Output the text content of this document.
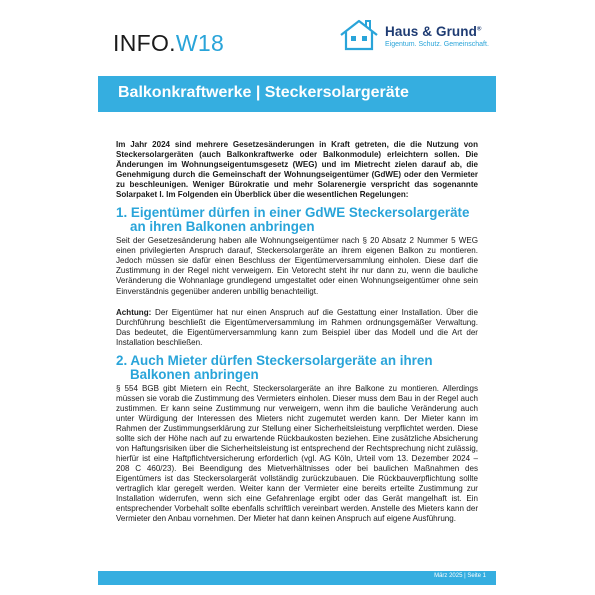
INFO.W18	Haus & Grund®
Eigentum. Schutz. Gemeinschaft.
Balkonkraftwerke | Steckersolargeräte

Im Jahr 2024 sind mehrere Gesetzesänderungen in Kraft getreten, die die Nutzung von Steckersolargeräten (auch Balkonkraftwerke oder Balkonmodule) erleichtern sollen. Die Änderungen im Wohnungseigentumsgesetz (WEG) und im Mietrecht zielen darauf ab, die Genehmigung durch die Gemeinschaft der Wohnungseigentümer (GdWE) oder den Vermieter zu beschleunigen. Weniger Bürokratie und mehr Solarenergie verspricht das sogenannte Solarpaket I. Im Folgenden ein Überblick über die wesentlichen Regelungen:

1. Eigentümer dürfen in einer GdWE Steckersolargeräte an ihren Balkonen anbringen

Seit der Gesetzesänderung haben alle Wohnungseigentümer nach § 20 Absatz 2 Nummer 5 WEG einen privilegierten Anspruch darauf, Steckersolargeräte an ihrem eigenen Balkon zu montieren. Jedoch müssen sie dafür einen Beschluss der Eigentümerversammlung einholen. Diese darf die Zustimmung in der Regel nicht verweigern. Ein Vetorecht steht ihr nur dann zu, wenn die bauliche Veränderung die Wohnanlage grundlegend umgestaltet oder einen Wohnungseigentümer ohne sein Einverständnis gegenüber anderen unbillig benachteiligt.

Achtung: Der Eigentümer hat nur einen Anspruch auf die Gestattung einer Installation. Über die Durchführung beschließt die Eigentümerversammlung im Rahmen ordnungsgemäßer Verwaltung. Das bedeutet, die Eigentümerversammlung kann zum Beispiel über das Modell und die Art der Installation beschließen.

2. Auch Mieter dürfen Steckersolargeräte an ihren Balkonen anbringen

§ 554 BGB gibt Mietern ein Recht, Steckersolargeräte an ihre Balkone zu montieren. Allerdings müssen sie vorab die Zustimmung des Vermieters einholen. Dieser muss dem Bau in der Regel auch zustimmen. Er kann seine Zustimmung nur verweigern, wenn ihm die bauliche Veränderung auch unter Würdigung der Interessen des Mieters nicht zugemutet werden kann. Der Mieter kann im Rahmen der Zustimmungserklärung zur Stellung einer Sicherheitsleistung verpflichtet werden. Diese sollte sich der Höhe nach auf zu erwartende Rückbaukosten beziehen. Eine zusätzliche Absicherung von Haftungsrisiken über die Sicherheitsleistung ist entsprechend der Rechtsprechung nicht zulässig, hierfür ist eine Haftpflichtversicherung erforderlich (vgl. AG Köln, Urteil vom 13. Dezember 2024 – 208 C 460/23). Bei Beendigung des Mietverhältnisses oder bei baulichen Maßnahmen des Eigentümers ist das Steckersolargerät vollständig zurückzubauen. Die Rückbauverpflichtung sollte vertraglich klar geregelt werden. Weiter kann der Vermieter eine bereits erteilte Zustimmung zur Installation widerrufen, wenn sich eine Gefahrenlage ergibt oder das Gerät mangelhaft ist. Ein entsprechender Vorbehalt sollte ebenfalls schriftlich vereinbart werden. Anstelle des Mieters kann der Vermieter den Anbau vornehmen. Der Mieter hat dann keinen Anspruch auf eigene Ausführung.

März 2025 | Seite 1
